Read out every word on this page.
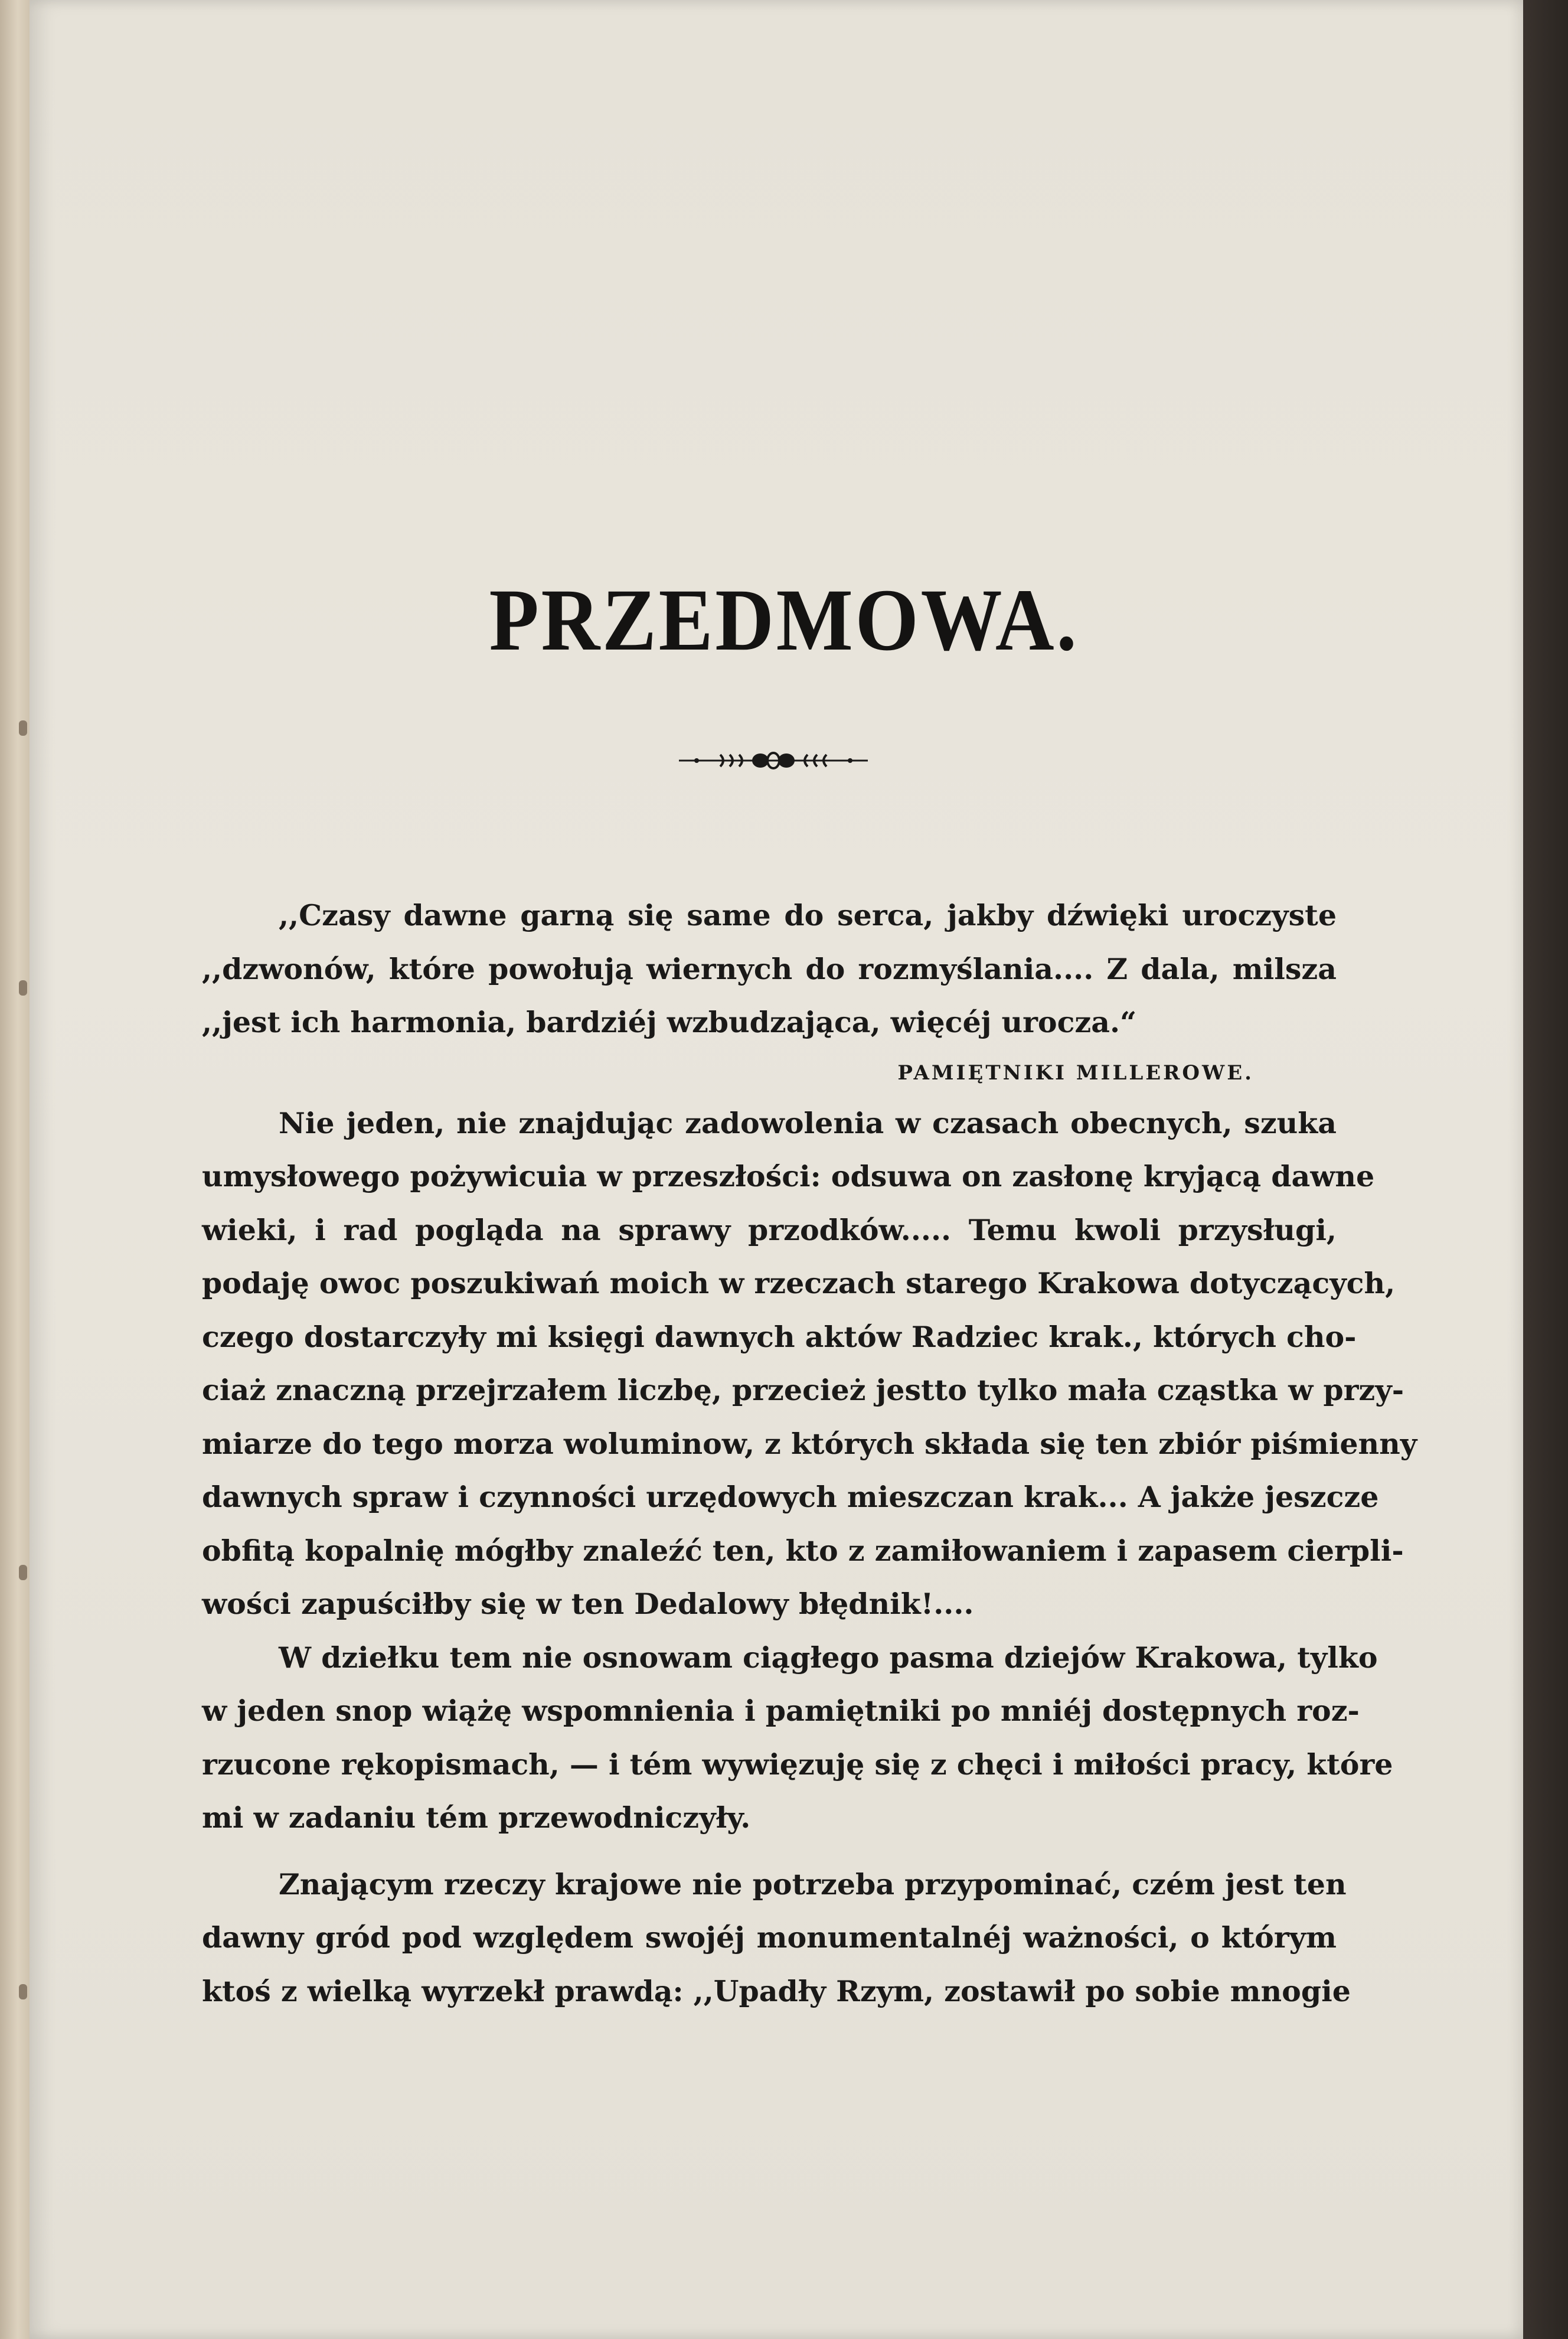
PRZEDMOWA.
,,Czasy dawne garną się same do serca, jakby dźwięki uroczyste
,,dzwonów, które powołują wiernych do rozmyślania.... Z dala, milsza
,,jest ich harmonia, bardziéj wzbudzająca, więcéj urocza.“
PAMIĘTNIKI MILLEROWE.
Nie jeden, nie znajdując zadowolenia w czasach obecnych, szuka
umysłowego pożywicuia w przeszłości: odsuwa on zasłonę kryjącą dawne
wieki, i rad pogląda na sprawy przodków..... Temu kwoli przysługi,
podaję owoc poszukiwań moich w rzeczach starego Krakowa dotyczących,
czego dostarczyły mi księgi dawnych aktów Radziec krak., których cho-
ciaż znaczną przejrzałem liczbę, przecież jestto tylko mała cząstka w przy-
miarze do tego morza woluminow, z których składa się ten zbiór piśmienny
dawnych spraw i czynności urzędowych mieszczan krak... A jakże jeszcze
obfitą kopalnię mógłby znaleźć ten, kto z zamiłowaniem i zapasem cierpli-
wości zapuściłby się w ten Dedalowy błędnik!....
W dziełku tem nie osnowam ciągłego pasma dziejów Krakowa, tylko
w jeden snop wiążę wspomnienia i pamiętniki po mniéj dostępnych roz-
rzucone rękopismach, — i tém wywięzuję się z chęci i miłości pracy, które
mi w zadaniu tém przewodniczyły.
Znającym rzeczy krajowe nie potrzeba przypominać, czém jest ten
dawny gród pod względem swojéj monumentalnéj ważności, o którym
ktoś z wielką wyrzekł prawdą: ,,Upadły Rzym, zostawił po sobie mnogie
